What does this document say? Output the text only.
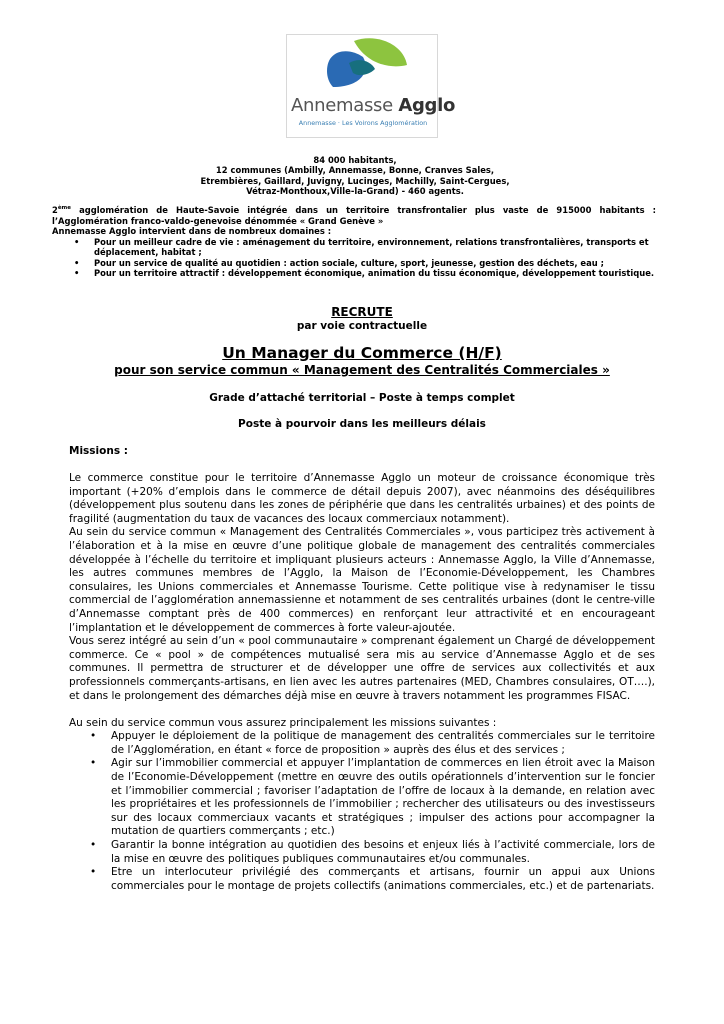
Annemasse Agglo
Annemasse · Les Voirons Agglomération
84 000 habitants,
12 communes (Ambilly, Annemasse, Bonne, Cranves Sales,
Etrembières, Gaillard, Juvigny, Lucinges, Machilly, Saint-Cergues,
Vétraz-Monthoux,Ville-la-Grand) - 460 agents.

2ème agglomération de Haute-Savoie intégrée dans un territoire transfrontalier plus vaste de 915000 habitants :

l’Agglomération franco-valdo-genevoise dénommée « Grand Genève »

Annemasse Agglo intervient dans de nombreux domaines :

• Pour un meilleur cadre de vie : aménagement du territoire, environnement, relations transfrontalières, transports et déplacement, habitat ;
• Pour un service de qualité au quotidien : action sociale, culture, sport, jeunesse, gestion des déchets, eau ;
• Pour un territoire attractif : développement économique, animation du tissu économique, développement touristique.
RECRUTE
par voie contractuelle
Un Manager du Commerce (H/F)
pour son service commun « Management des Centralités Commerciales »
Grade d’attaché territorial – Poste à temps complet
Poste à pourvoir dans les meilleurs délais
Missions :

Le commerce constitue pour le territoire d’Annemasse Agglo un moteur de croissance économique très important (+20% d’emplois dans le commerce de détail depuis 2007), avec néanmoins des déséquilibres (développement plus soutenu dans les zones de périphérie que dans les centralités urbaines) et des points de fragilité (augmentation du taux de vacances des locaux commerciaux notamment).

Au sein du service commun « Management des Centralités Commerciales », vous participez très activement à l’élaboration et à la mise en œuvre d’une politique globale de management des centralités commerciales développée à l’échelle du territoire et impliquant plusieurs acteurs : Annemasse Agglo, la Ville d’Annemasse, les autres communes membres de l’Agglo, la Maison de l’Economie-Développement, les Chambres consulaires, les Unions commerciales et Annemasse Tourisme. Cette politique vise à redynamiser le tissu commercial de l’agglomération annemassienne et notamment de ses centralités urbaines (dont le centre-ville d’Annemasse comptant près de 400 commerces) en renforçant leur attractivité et en encourageant l’implantation et le développement de commerces à forte valeur-ajoutée.

Vous serez intégré au sein d’un « pool communautaire » comprenant également un Chargé de développement commerce. Ce « pool » de compétences mutualisé sera mis au service d’Annemasse Agglo et de ses communes. Il permettra de structurer et de développer une offre de services aux collectivités et aux professionnels commerçants-artisans, en lien avec les autres partenaires (MED, Chambres consulaires, OT….), et dans le prolongement des démarches déjà mise en œuvre à travers notamment les programmes FISAC.

Au sein du service commun vous assurez principalement les missions suivantes :

• Appuyer le déploiement de la politique de management des centralités commerciales sur le territoire de l’Agglomération, en étant « force de proposition » auprès des élus et des services ;
• Agir sur l’immobilier commercial et appuyer l’implantation de commerces en lien étroit avec la Maison de l’Economie-Développement (mettre en œuvre des outils opérationnels d’intervention sur le foncier et l’immobilier commercial ; favoriser l’adaptation de l’offre de locaux à la demande, en relation avec les propriétaires et les professionnels de l’immobilier ; rechercher des utilisateurs ou des investisseurs sur des locaux commerciaux vacants et stratégiques ; impulser des actions pour accompagner la mutation de quartiers commerçants ; etc.)
• Garantir la bonne intégration au quotidien des besoins et enjeux liés à l’activité commerciale, lors de la mise en œuvre des politiques publiques communautaires et/ou communales.
• Etre un interlocuteur privilégié des commerçants et artisans, fournir un appui aux Unions commerciales pour le montage de projets collectifs (animations commerciales, etc.) et de partenariats.
